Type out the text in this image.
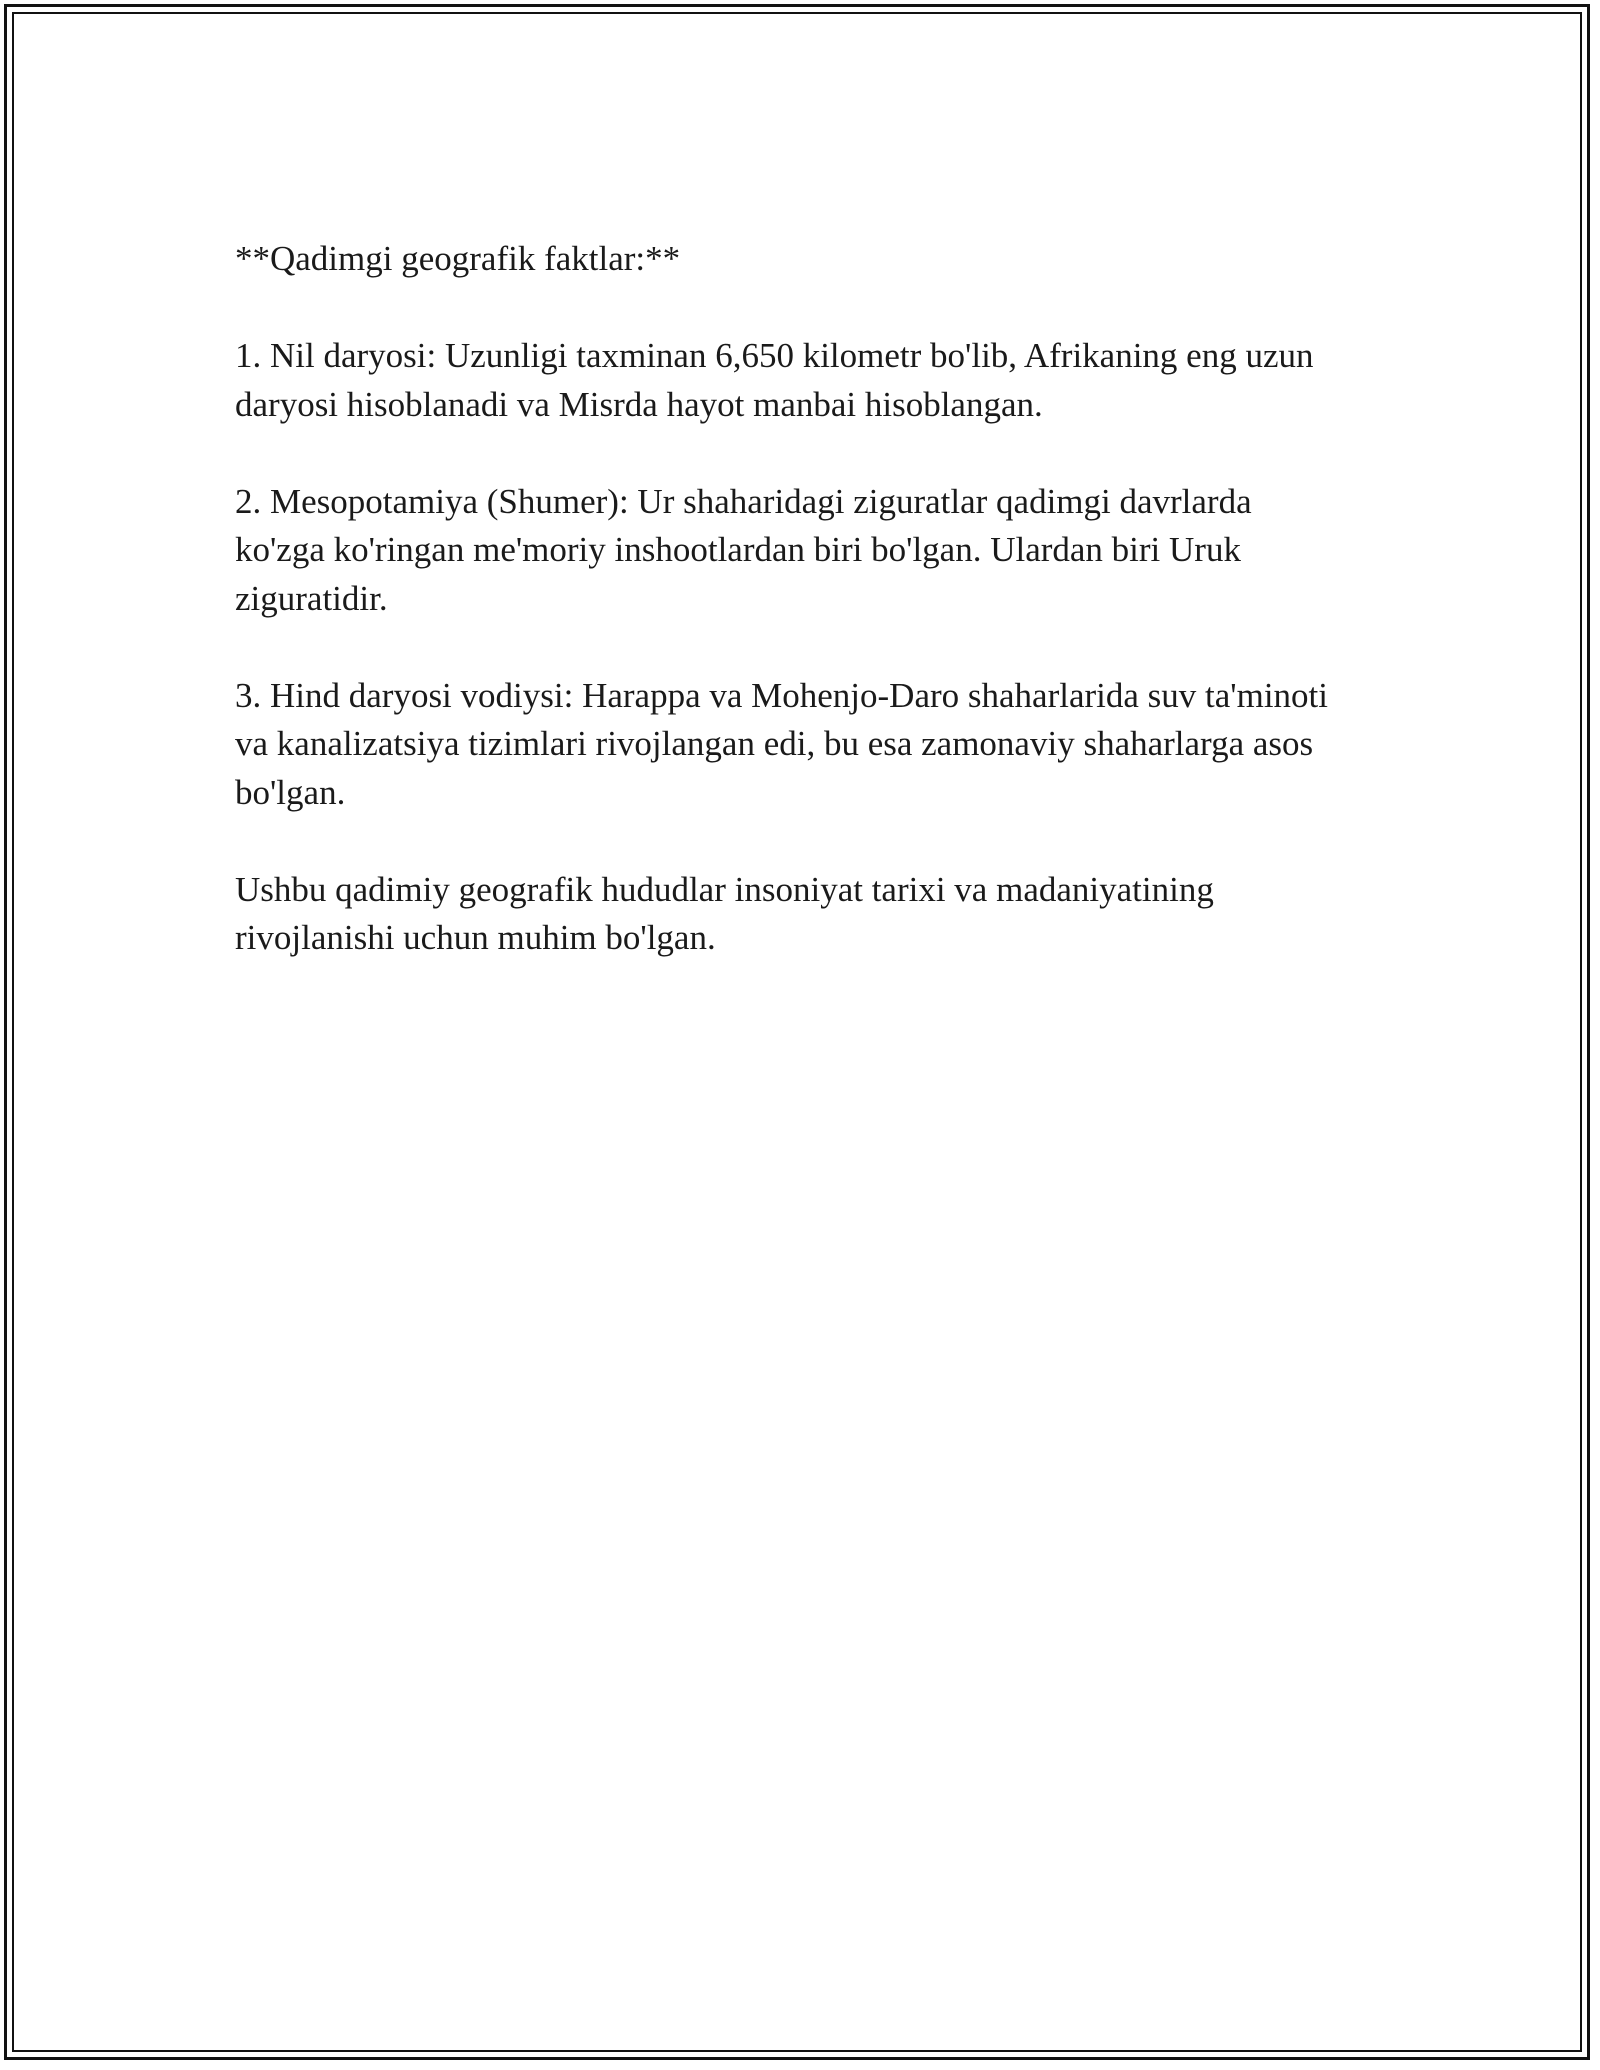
**Qadimgi geografik faktlar:**

1. Nil daryosi: Uzunligi taxminan 6,650 kilometr bo'lib, Afrikaning eng uzun daryosi hisoblanadi va Misrda hayot manbai hisoblangan.

2. Mesopotamiya (Shumer): Ur shaharidagi ziguratlar qadimgi davrlarda ko'zga ko'ringan me'moriy inshootlardan biri bo'lgan. Ulardan biri Uruk ziguratidir.

3. Hind daryosi vodiysi: Harappa va Mohenjo-Daro shaharlarida suv ta'minoti va kanalizatsiya tizimlari rivojlangan edi, bu esa zamonaviy shaharlarga asos bo'lgan.

Ushbu qadimiy geografik hududlar insoniyat tarixi va madaniyatining rivojlanishi uchun muhim bo'lgan.
